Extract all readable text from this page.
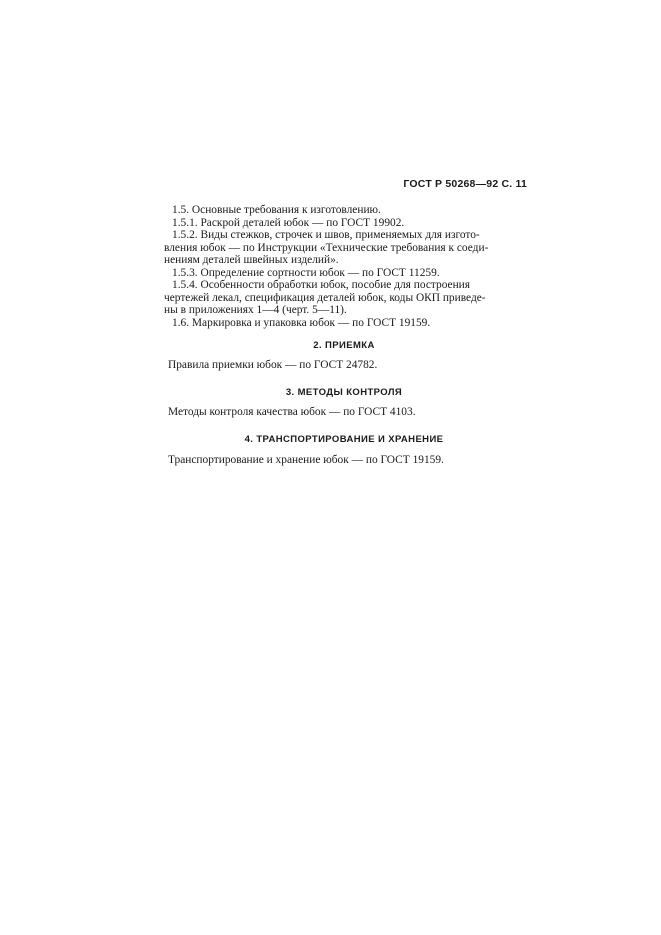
ГОСТ Р 50268—92 С. 11
1.5. Основные требования к изготовлению.
1.5.1. Раскрой деталей юбок — по ГОСТ 19902.
1.5.2. Виды стежков, строчек и швов, применяемых для изгото-
вления юбок — по Инструкции «Технические требования к соеди-
нениям деталей швейных изделий».
1.5.3. Определение сортности юбок — по ГОСТ 11259.
1.5.4. Особенности обработки юбок, пособие для построения
чертежей лекал, спецификация деталей юбок, коды ОКП приведе-
ны в приложениях 1—4 (черт. 5—11).
1.6. Маркировка и упаковка юбок — по ГОСТ 19159.
2. ПРИЕМКА
Правила приемки юбок — по ГОСТ 24782.
3. МЕТОДЫ КОНТРОЛЯ
Методы контроля качества юбок — по ГОСТ 4103.
4. ТРАНСПОРТИРОВАНИЕ И ХРАНЕНИЕ
Транспортирование и хранение юбок — по ГОСТ 19159.
